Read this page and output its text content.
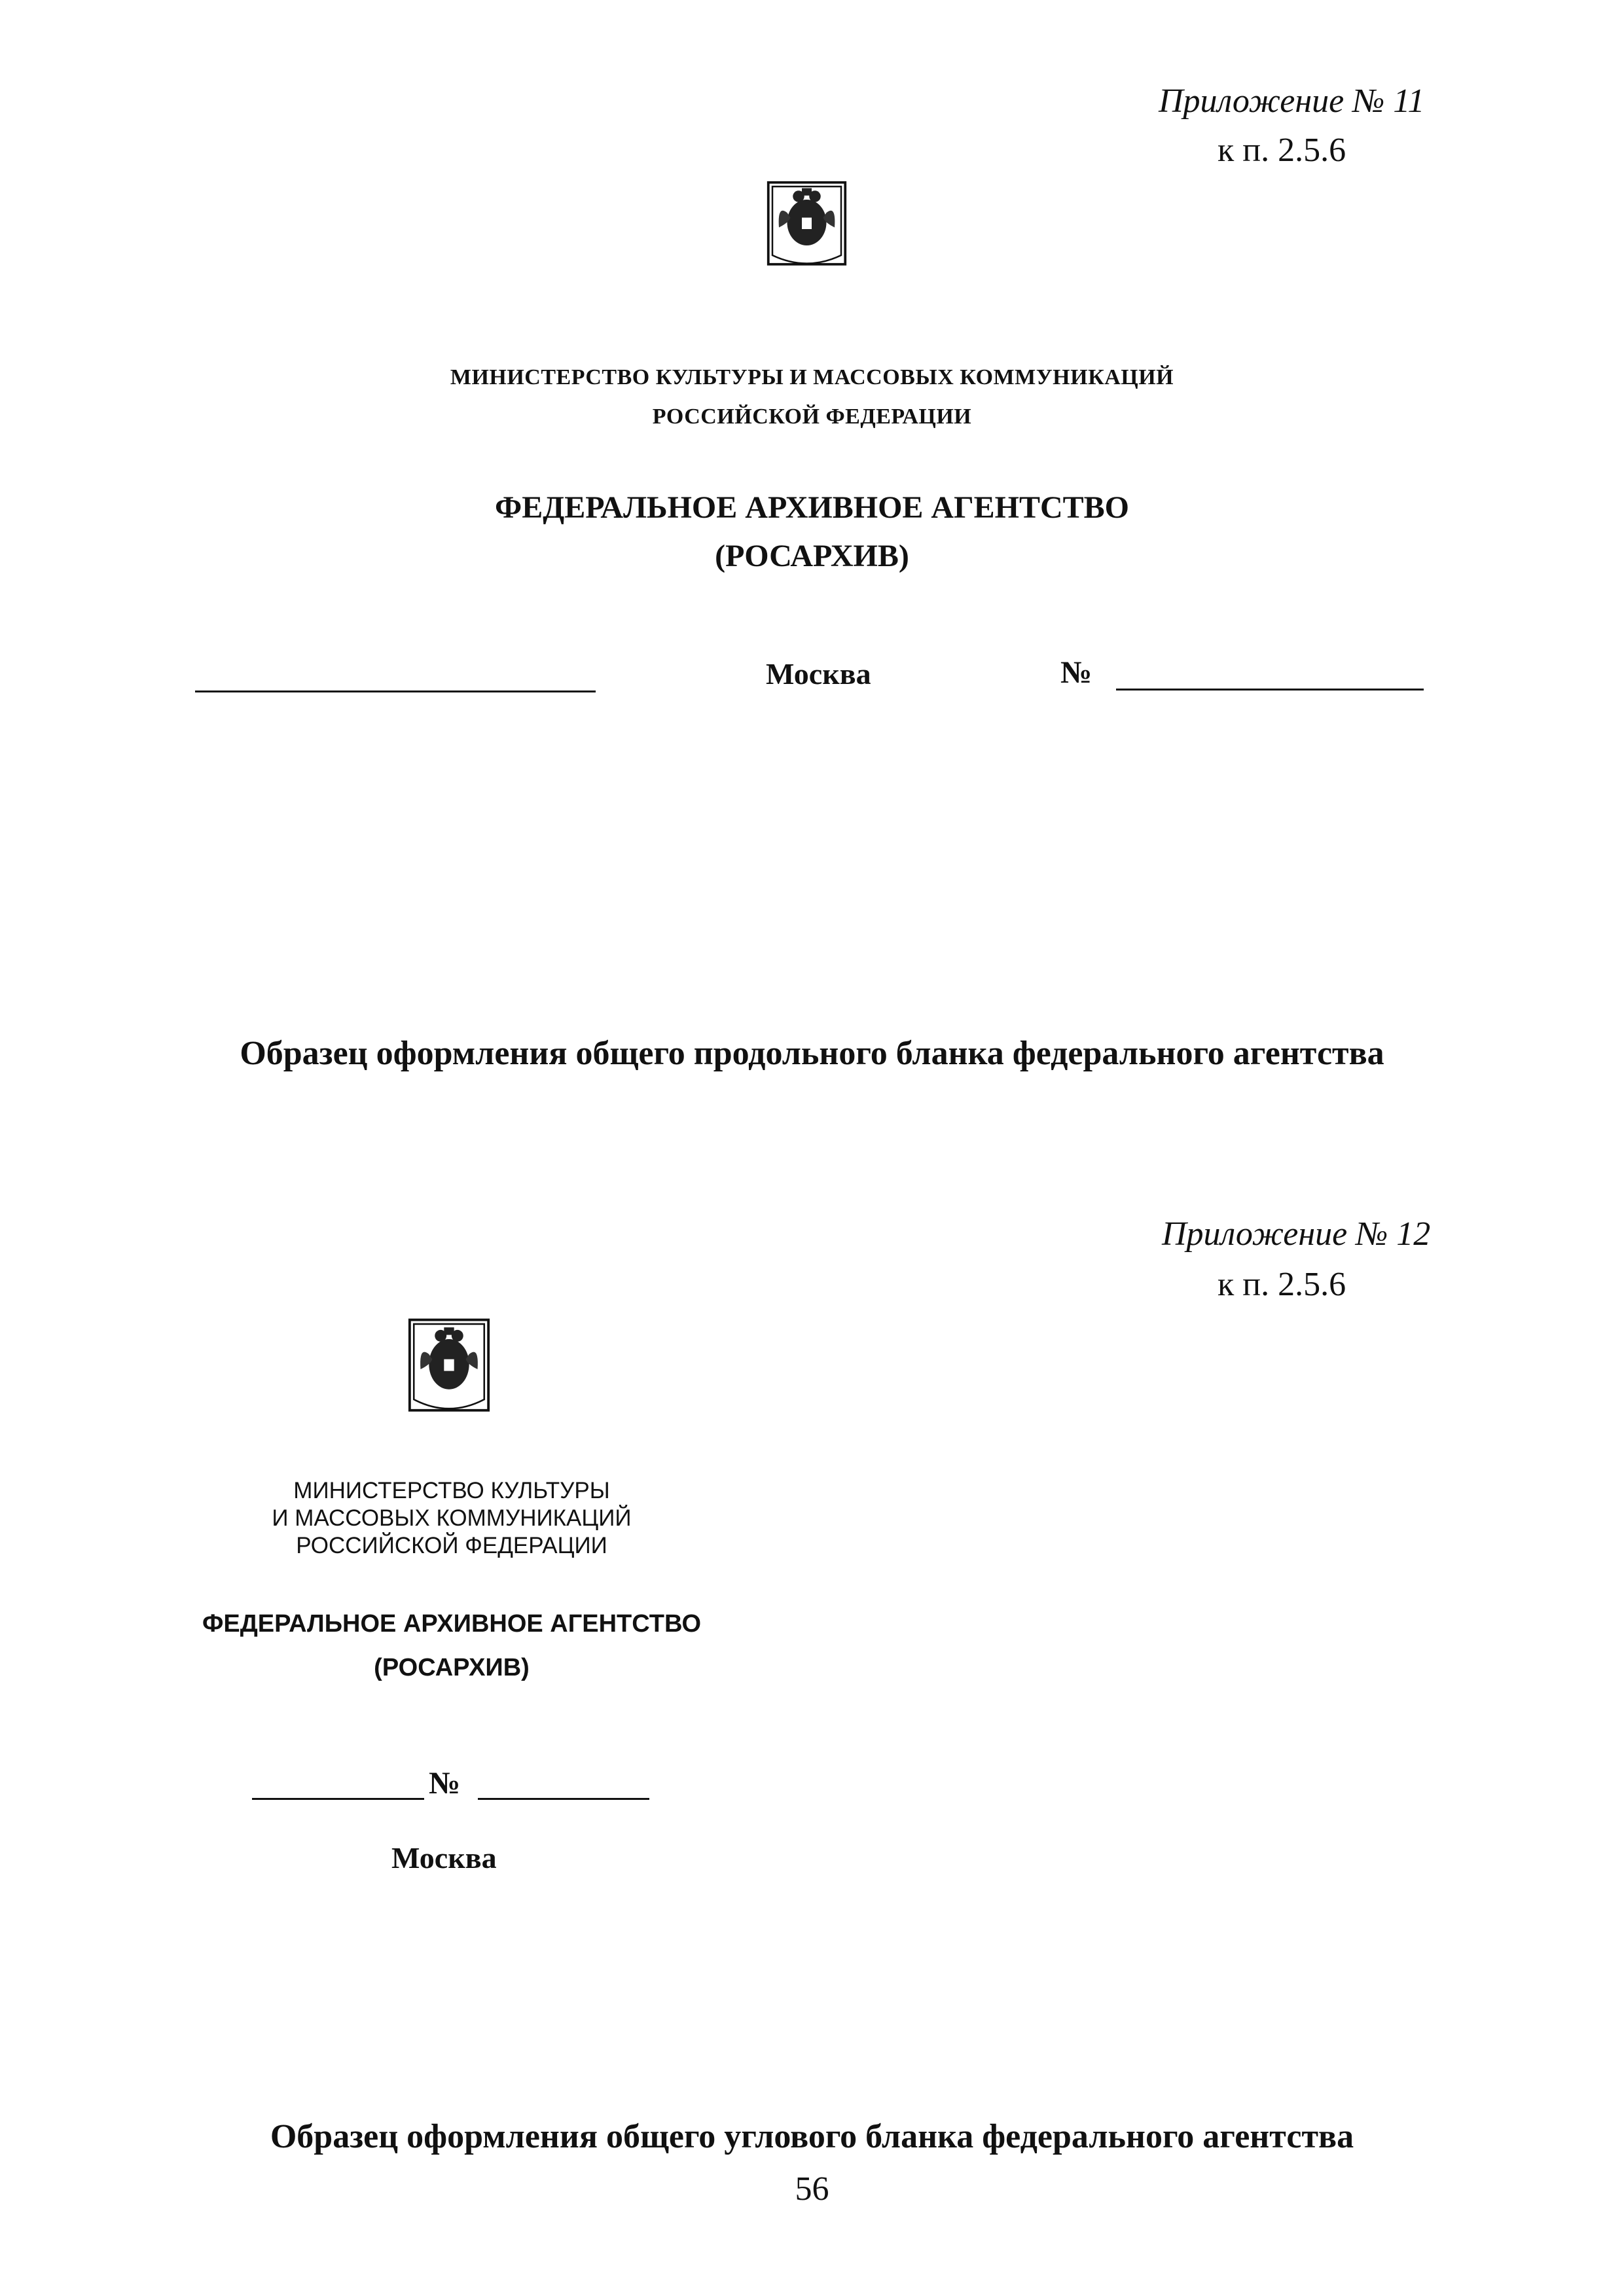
Приложение № 11
к п. 2.5.6
МИНИСТЕРСТВО КУЛЬТУРЫ И МАССОВЫХ КОММУНИКАЦИЙ
РОССИЙСКОЙ ФЕДЕРАЦИИ
ФЕДЕРАЛЬНОЕ АРХИВНОЕ АГЕНТСТВО
(РОСАРХИВ)
Москва	№
Образец оформления общего продольного бланка федерального агентства
Приложение № 12
к п. 2.5.6
МИНИСТЕРСТВО КУЛЬТУРЫ
И МАССОВЫХ КОММУНИКАЦИЙ
РОССИЙСКОЙ ФЕДЕРАЦИИ
ФЕДЕРАЛЬНОЕ АРХИВНОЕ АГЕНТСТВО
(РОСАРХИВ)
№
Москва
Образец оформления общего углового бланка федерального агентства
56
